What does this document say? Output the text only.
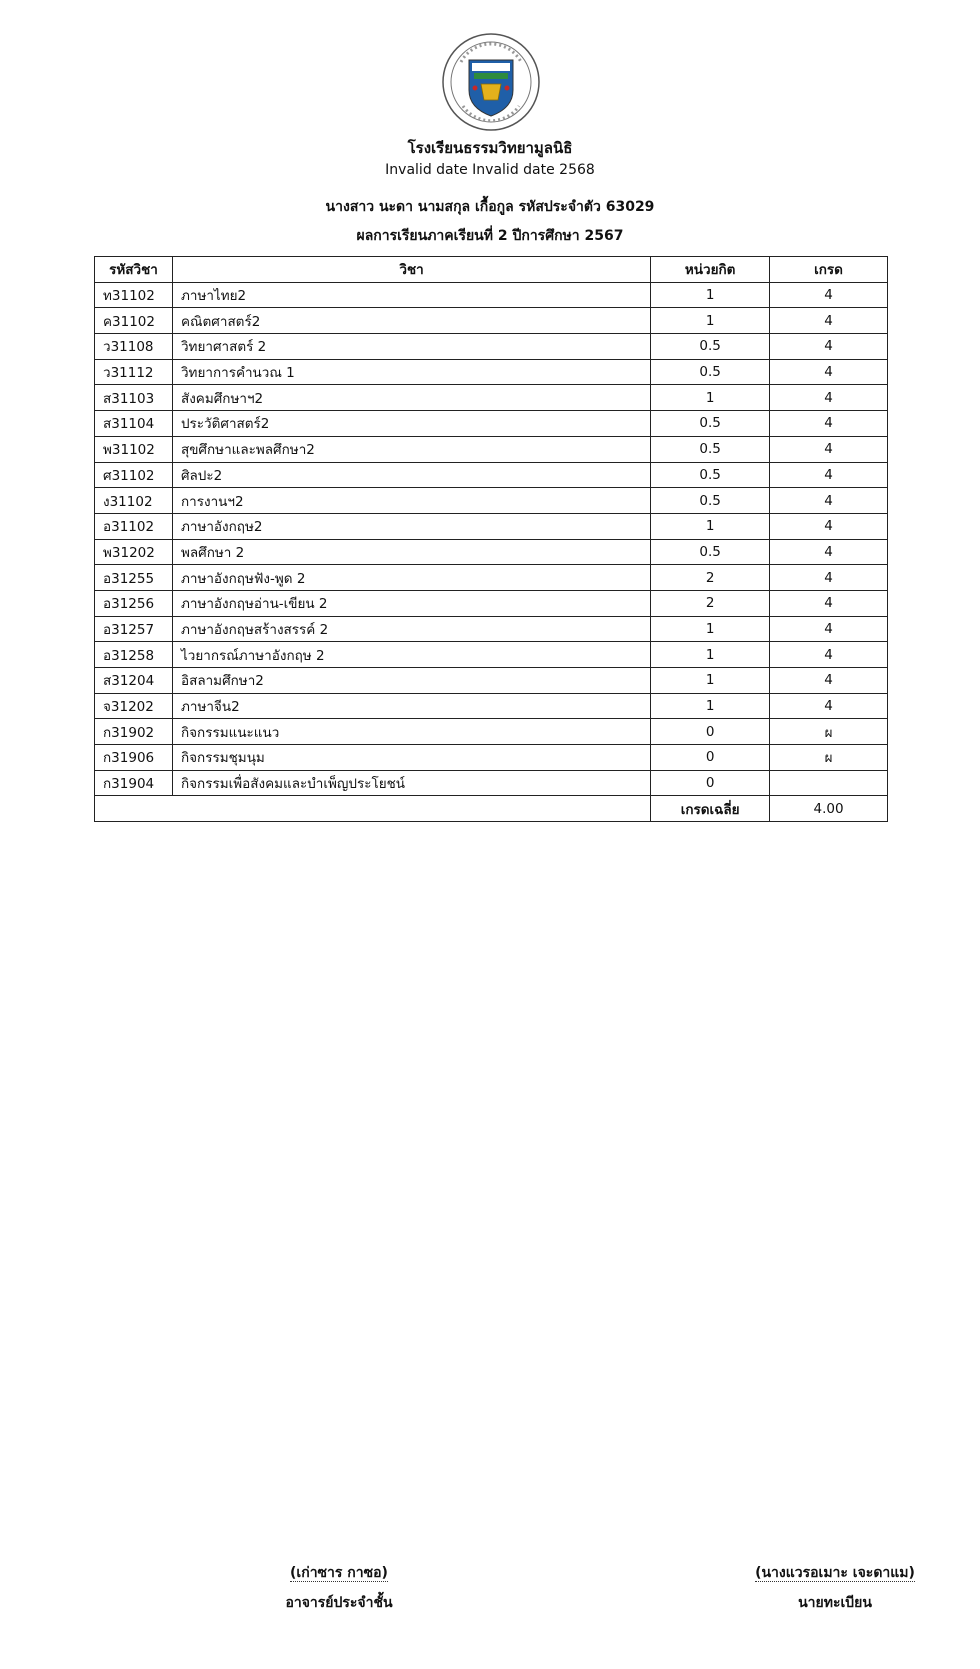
โรงเรียนธรรมวิทยามูลนิธิ
Invalid date Invalid date 2568
นางสาว นะดา นามสกุล เกื้อกูล รหัสประจำตัว 63029
ผลการเรียนภาคเรียนที่ 2 ปีการศึกษา 2567
รหัสวิชา	วิชา	หน่วยกิต	เกรด
ท31102	ภาษาไทย2	1	4
ค31102	คณิตศาสตร์2	1	4
ว31108	วิทยาศาสตร์ 2	0.5	4
ว31112	วิทยาการคำนวณ 1	0.5	4
ส31103	สังคมศึกษาฯ2	1	4
ส31104	ประวัติศาสตร์2	0.5	4
พ31102	สุขศึกษาและพลศึกษา2	0.5	4
ศ31102	ศิลปะ2	0.5	4
ง31102	การงานฯ2	0.5	4
อ31102	ภาษาอังกฤษ2	1	4
พ31202	พลศึกษา 2	0.5	4
อ31255	ภาษาอังกฤษฟัง-พูด 2	2	4
อ31256	ภาษาอังกฤษอ่าน-เขียน 2	2	4
อ31257	ภาษาอังกฤษสร้างสรรค์ 2	1	4
อ31258	ไวยากรณ์ภาษาอังกฤษ 2	1	4
ส31204	อิสลามศึกษา2	1	4
จ31202	ภาษาจีน2	1	4
ก31902	กิจกรรมแนะแนว	0	ผ
ก31906	กิจกรรมชุมนุม	0	ผ
ก31904	กิจกรรมเพื่อสังคมและบำเพ็ญประโยชน์	0	
		เกรดเฉลี่ย	4.00
(เก่าซาร กาซอ)
อาจารย์ประจำชั้น
(นางแวรอเมาะ เจะดาแม)
นายทะเบียน
